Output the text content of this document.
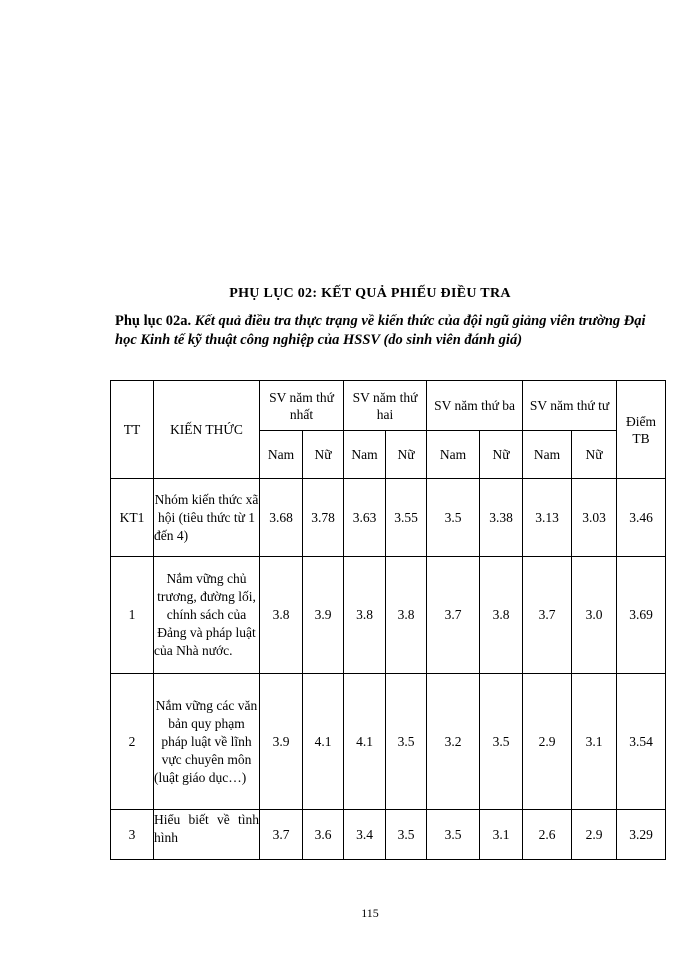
PHỤ LỤC 02: KẾT QUẢ PHIẾU ĐIỀU TRA
Phụ lục 02a. Kết quả điều tra thực trạng về kiến thức của đội ngũ giảng viên trường Đại học Kinh tế kỹ thuật công nghiệp của HSSV (do sinh viên đánh giá)
TT	KIẾN THỨC	SV năm thứ nhất		SV năm thứ hai		SV năm thứ ba		SV năm thứ tư		Điểm TB
		Nam	Nữ	Nam	Nữ	Nam	Nữ	Nam	Nữ	
KT1	Nhóm kiến thức xã hội (tiêu thức từ 1 đến 4)	3.68	3.78	3.63	3.55	3.5	3.38	3.13	3.03	3.46
1	Nắm vững chủ trương, đường lối, chính sách của Đảng và pháp luật của Nhà nước.	3.8	3.9	3.8	3.8	3.7	3.8	3.7	3.0	3.69
2	Nắm vững các văn bản quy phạm pháp luật về lĩnh vực chuyên môn (luật giáo dục…)	3.9	4.1	4.1	3.5	3.2	3.5	2.9	3.1	3.54
3	Hiểu biết về tình hình	3.7	3.6	3.4	3.5	3.5	3.1	2.6	2.9	3.29
115
